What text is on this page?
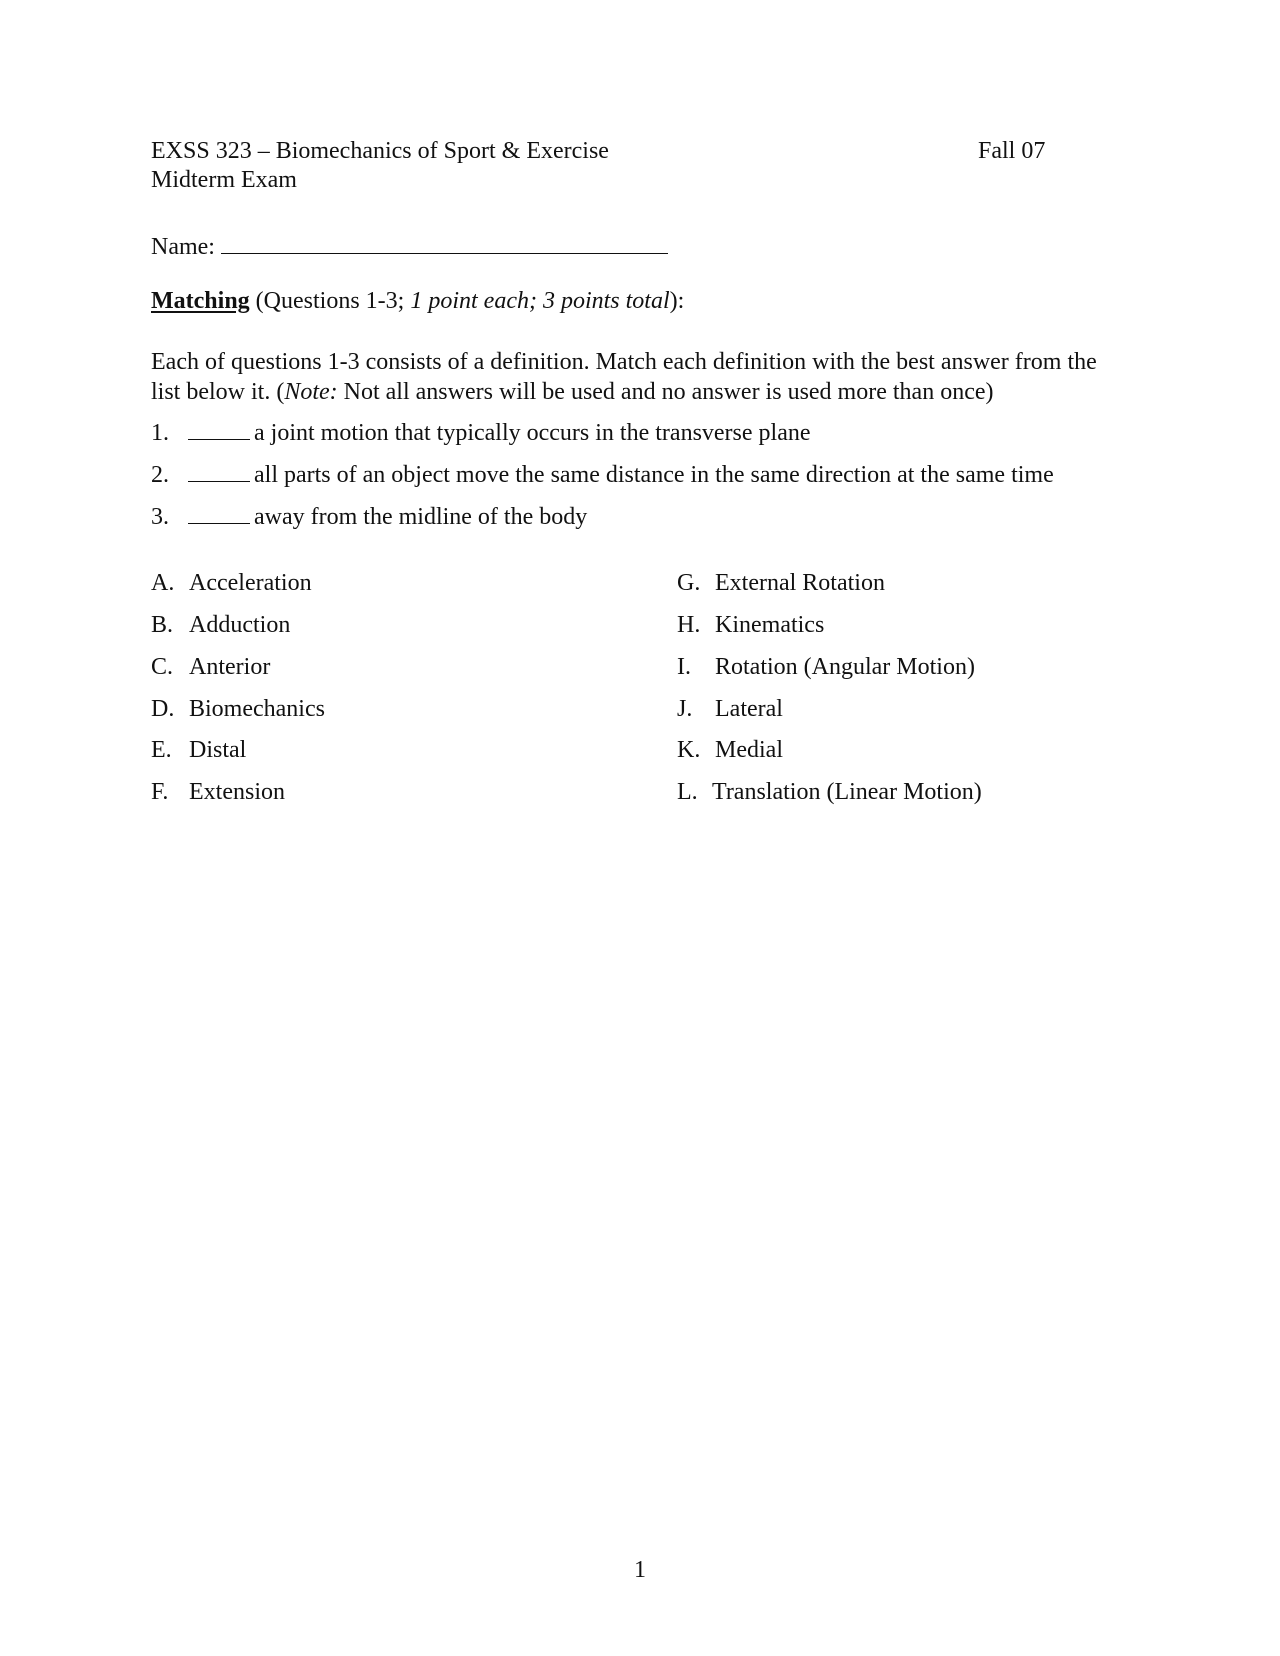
EXSS 323 – Biomechanics of Sport & Exercise	Fall 07
Midterm Exam
Name:
Matching (Questions 1-3; 1 point each; 3 points total):
Each of questions 1-3 consists of a definition. Match each definition with the best answer from the list below it. (Note: Not all answers will be used and no answer is used more than once)
1.	a joint motion that typically occurs in the transverse plane
2.	all parts of an object move the same distance in the same direction at the same time
3.	away from the midline of the body
A. Acceleration
B. Adduction
C. Anterior
D. Biomechanics
E. Distal
F. Extension
G. External Rotation
H. Kinematics
I. Rotation (Angular Motion)
J. Lateral
K. Medial
L. Translation (Linear Motion)
1
